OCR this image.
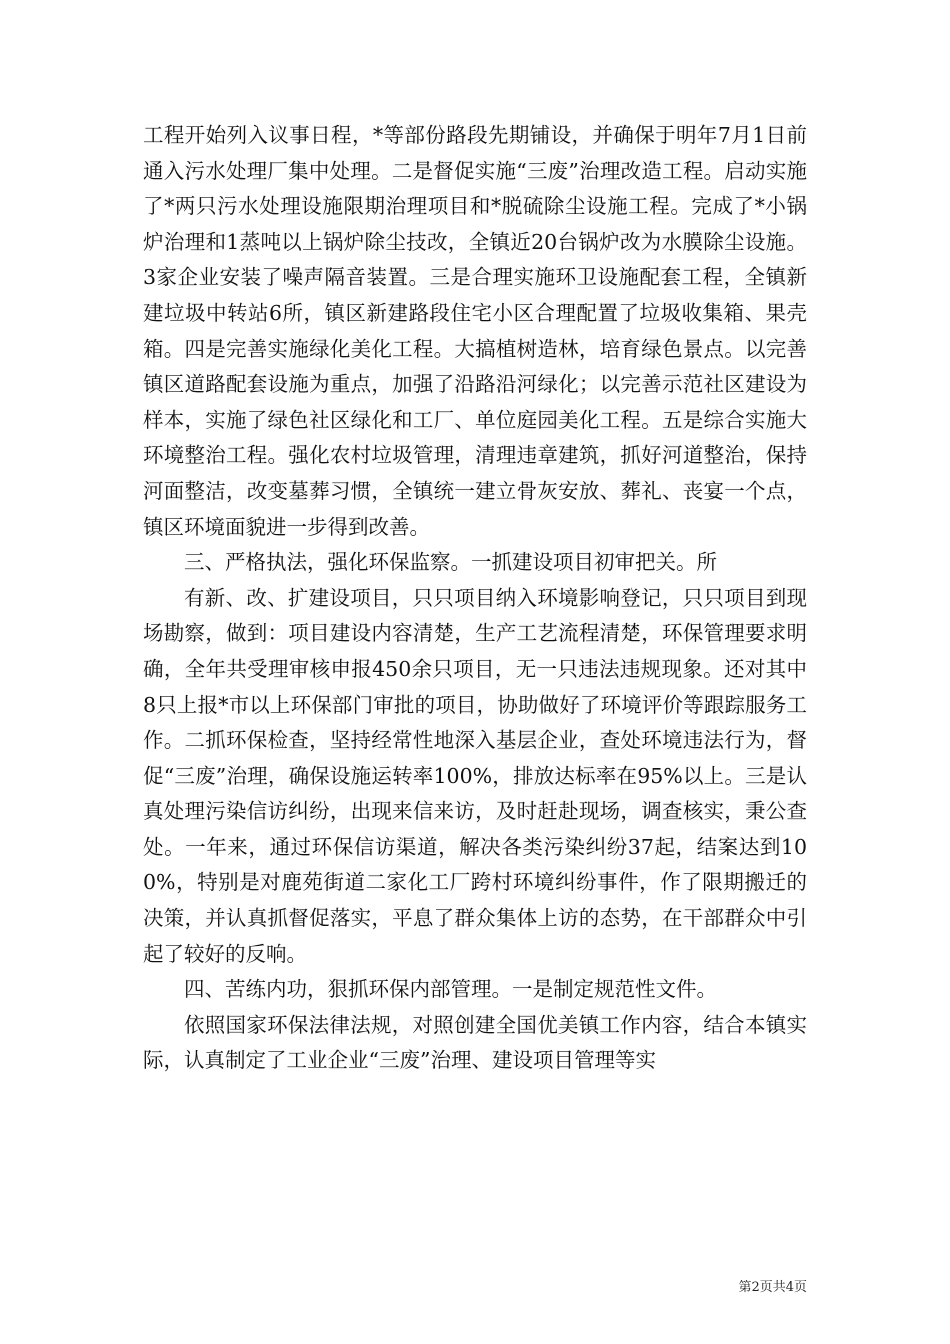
工程开始列入议事日程，*等部份路段先期铺设，并确保于明年7月1日前通入污水处理厂集中处理。二是督促实施“三废”治理改造工程。启动实施了*两只污水处理设施限期治理项目和*脱硫除尘设施工程。完成了*小锅炉治理和1蒸吨以上锅炉除尘技改，全镇近20台锅炉改为水膜除尘设施。3家企业安装了噪声隔音装置。三是合理实施环卫设施配套工程，全镇新建垃圾中转站6所，镇区新建路段住宅小区合理配置了垃圾收集箱、果壳箱。四是完善实施绿化美化工程。大搞植树造林，培育绿色景点。以完善镇区道路配套设施为重点，加强了沿路沿河绿化；以完善示范社区建设为样本，实施了绿色社区绿化和工厂、单位庭园美化工程。五是综合实施大环境整治工程。强化农村垃圾管理，清理违章建筑，抓好河道整治，保持河面整洁，改变墓葬习惯，全镇统一建立骨灰安放、葬礼、丧宴一个点，镇区环境面貌进一步得到改善。

三、严格执法，强化环保监察。一抓建设项目初审把关。所

有新、改、扩建设项目，只只项目纳入环境影响登记，只只项目到现场勘察，做到：项目建设内容清楚，生产工艺流程清楚，环保管理要求明确，全年共受理审核申报450余只项目，无一只违法违规现象。还对其中8只上报*市以上环保部门审批的项目，协助做好了环境评价等跟踪服务工作。二抓环保检查，坚持经常性地深入基层企业，查处环境违法行为，督促“三废”治理，确保设施运转率100%，排放达标率在95%以上。三是认真处理污染信访纠纷，出现来信来访，及时赶赴现场，调查核实，秉公查处。一年来，通过环保信访渠道，解决各类污染纠纷37起，结案达到100%，特别是对鹿苑街道二家化工厂跨村环境纠纷事件，作了限期搬迁的决策，并认真抓督促落实，平息了群众集体上访的态势，在干部群众中引起了较好的反响。

四、苦练内功，狠抓环保内部管理。一是制定规范性文件。

依照国家环保法律法规，对照创建全国优美镇工作内容，结合本镇实际，认真制定了工业企业“三废”治理、建设项目管理等实

第2页共4页
